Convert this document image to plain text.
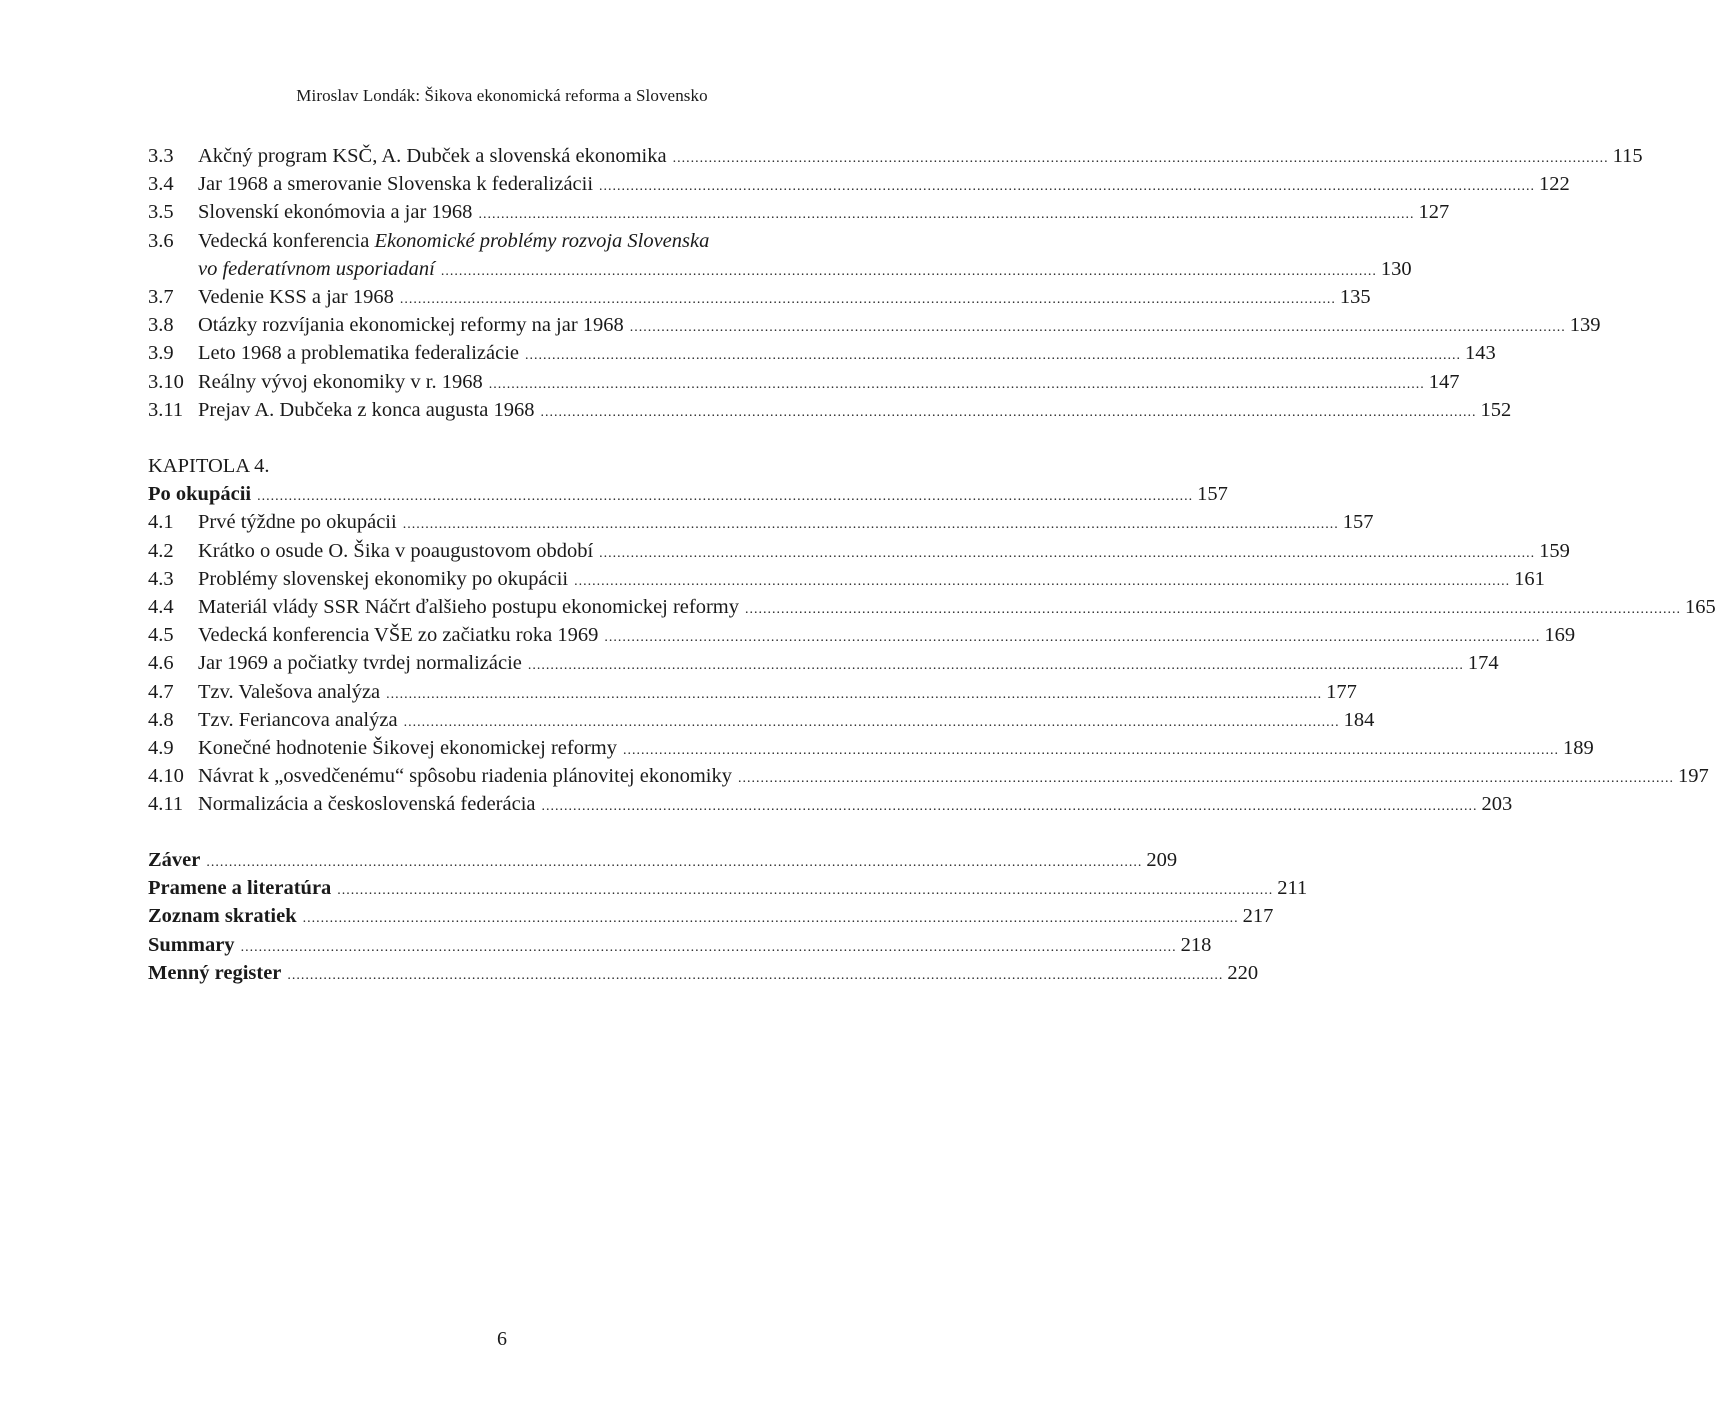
Miroslav Londák: Šikova ekonomická reforma a Slovensko
3.3	Akčný program KSČ, A. Dubček a slovenská ekonomika .....	115
3.4	Jar 1968 a smerovanie Slovenska k federalizácii .....	122
3.5	Slovenskí ekonómovia a jar 1968 .....	127
3.6	Vedecká konferencia Ekonomické problémy rozvoja Slovenska
vo federatívnom usporiadaní .....	130
3.7	Vedenie KSS a jar 1968 .....	135
3.8	Otázky rozvíjania ekonomickej reformy na jar 1968 .....	139
3.9	Leto 1968 a problematika federalizácie .....	143
3.10 Reálny vývoj ekonomiky v r. 1968 .....	147
3.11 Prejav A. Dubčeka z konca augusta 1968 .....	152
KAPITOLA 4.
Po okupácii .....	157
4.1	Prvé týždne po okupácii .....	157
4.2	Krátko o osude O. Šika v poaugustovom období .....	159
4.3	Problémy slovenskej ekonomiky po okupácii .....	161
4.4	Materiál vlády SSR Náčrt ďalšieho postupu ekonomickej reformy .....	165
4.5	Vedecká konferencia VŠE zo začiatku roka 1969 .....	169
4.6	Jar 1969 a počiatky tvrdej normalizácie .....	174
4.7	Tzv. Valešova analýza .....	177
4.8	Tzv. Feriancova analýza .....	184
4.9	Konečné hodnotenie Šikovej ekonomickej reformy .....	189
4.10 Návrat k „osvedčenému“ spôsobu riadenia plánovitej ekonomiky .....	197
4.11 Normalizácia a československá federácia .....	203
Záver .....	209
Pramene a literatúra .....	211
Zoznam skratiek .....	217
Summary .....	218
Menný register .....	220
6
